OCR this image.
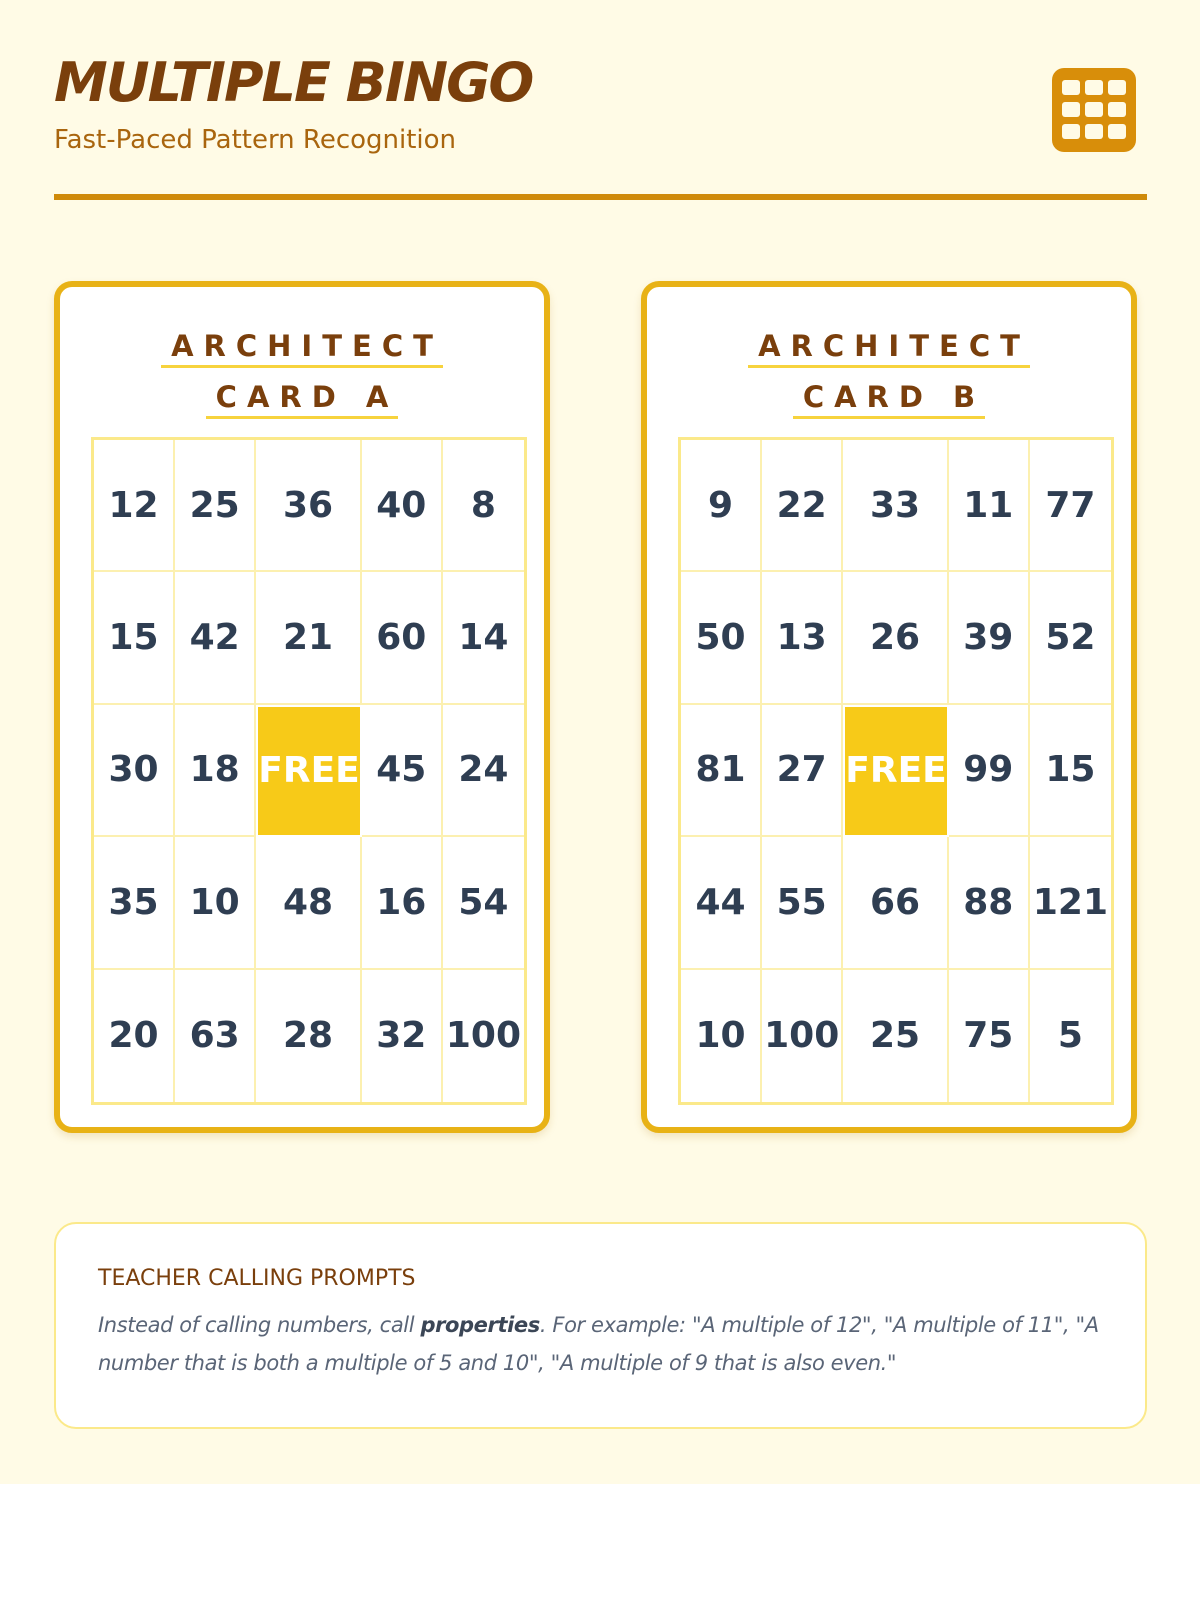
MULTIPLE BINGO
Fast-Paced Pattern Recognition
ARCHITECT
CARD A
12 25	36	40	8
15 42	21	60 14
30 18 FREE 45 24
35 10	48	16 54
20 63	28	32 100
ARCHITECT
CARD B
9	22	33	11 77
50 13	26	39 52
81 27 FREE 99 15
44 55	66	88 121
10 100 25	75	5
TEACHER CALLING PROMPTS
Instead of calling numbers, call properties. For example: "A multiple of 12", "A multiple of 11", "A number that is both a multiple of 5 and 10", "A multiple of 9 that is also even."
